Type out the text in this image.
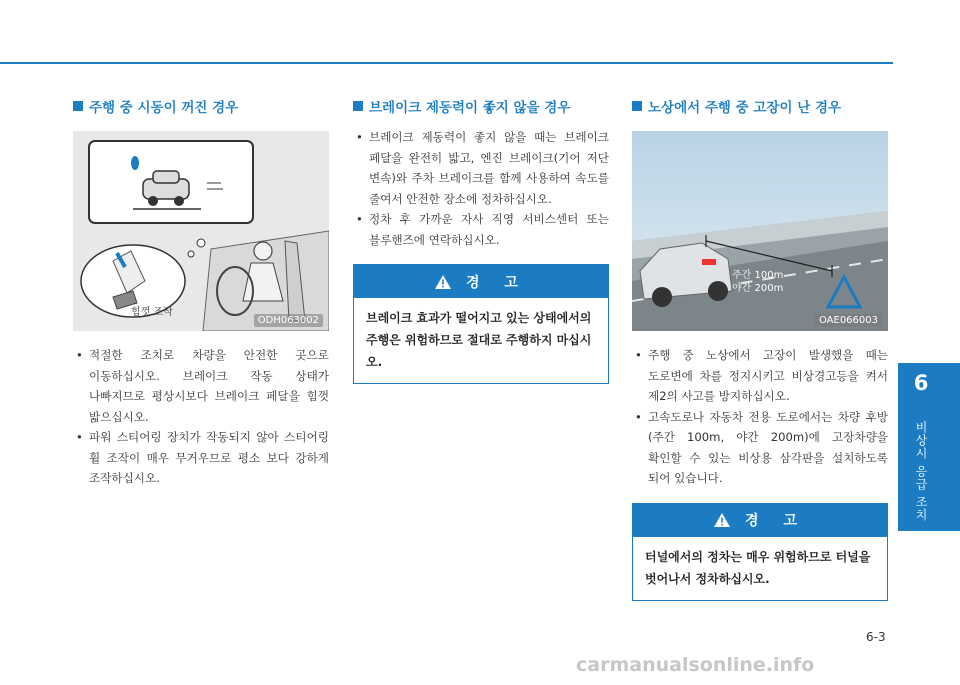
주행 중 시동이 꺼진 경우
힘껏 조작
ODH063002
• 적절한 조치로 차량을 안전한 곳으로 이동하십시오. 브레이크 작동 상태가 나빠지므로 평상시보다 브레이크 페달을 힘껏 밟으십시오.
• 파워 스티어링 장치가 작동되지 않아 스티어링 휠 조작이 매우 무거우므로 평소 보다 강하게 조작하십시오.
브레이크 제동력이 좋지 않을 경우
• 브레이크 제동력이 좋지 않을 때는 브레이크 페달을 완전히 밟고, 엔진 브레이크(기어 저단 변속)와 주차 브레이크를 함께 사용하여 속도를 줄여서 안전한 장소에 정차하십시오.
• 정차 후 가까운 자사 직영 서비스센터 또는 블루핸즈에 연락하십시오.
경 고
브레이크 효과가 떨어지고 있는 상태에서의 주행은 위험하므로 절대로 주행하지 마십시오.
노상에서 주행 중 고장이 난 경우
주간 100m
야간 200m
OAE066003
• 주행 중 노상에서 고장이 발생했을 때는 도로변에 차를 정지시키고 비상경고등을 켜서 제2의 사고를 방지하십시오.
• 고속도로나 자동차 전용 도로에서는 차량 후방(주간 100m, 야간 200m)에 고장차량을 확인할 수 있는 비상용 삼각판을 설치하도록 되어 있습니다.
경 고
터널에서의 정차는 매우 위험하므로 터널을 벗어나서 정차하십시오.
6
비상시 응급 조치
6-3
carmanualsonline.info
